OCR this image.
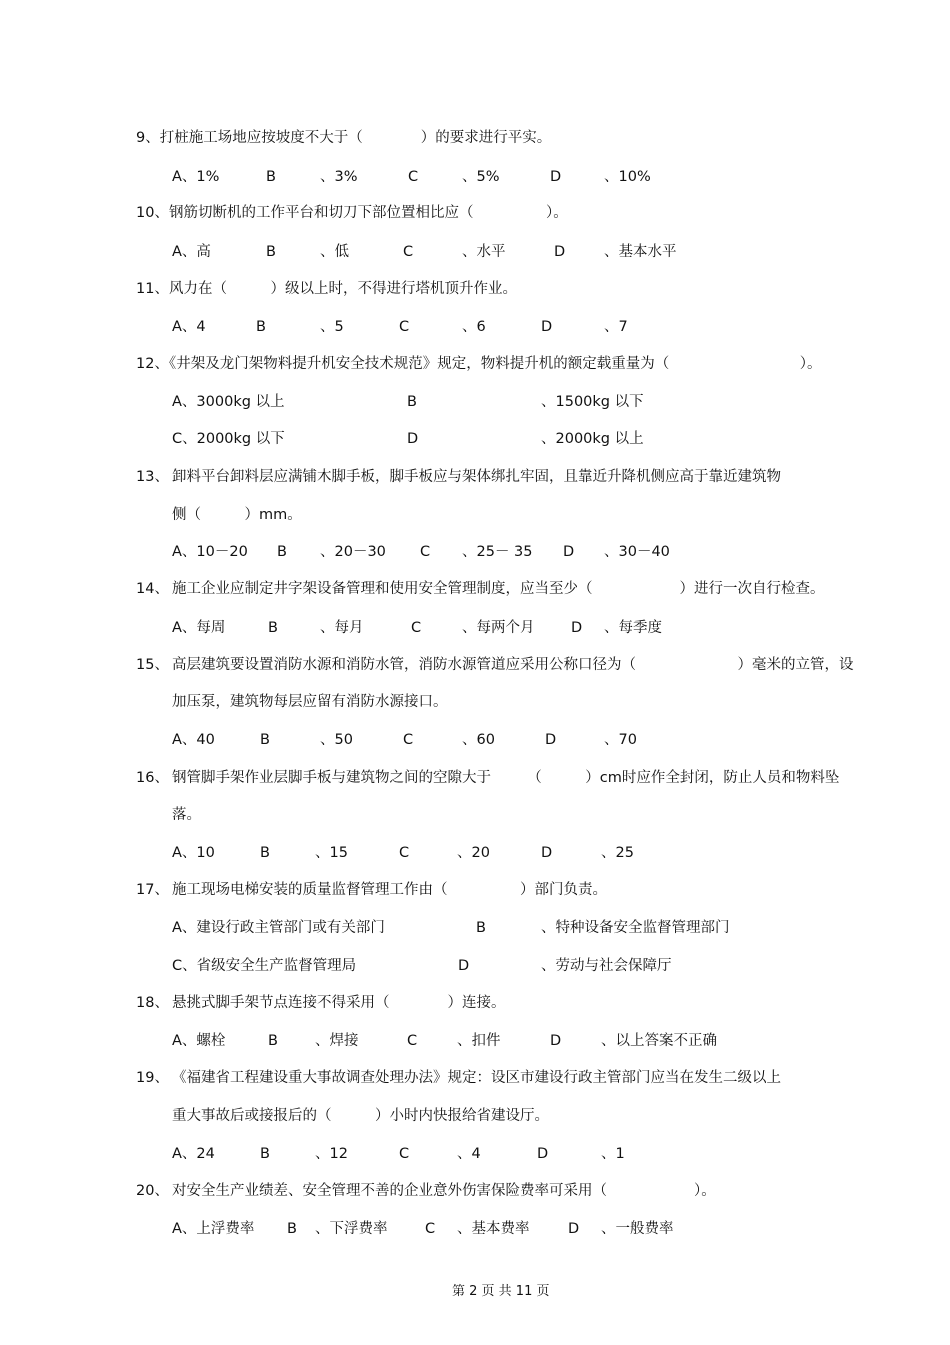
9、打桩施工场地应按坡度不大于（　　　　）的要求进行平实。
A、1%	B	、3%	C	、5%	D	、10%
10、钢筋切断机的工作平台和切刀下部位置相比应（　　　　　）。
A、高	B	、低	C	、水平	D	、基本水平
11、风力在（　　　）级以上时，不得进行塔机顶升作业。
A、4	B	、5	C	、6	D	、7
12、《井架及龙门架物料提升机安全技术规范》规定，物料提升机的额定载重量为（　　　　　　　　　）。
A、3000kg 以上	B	、1500kg 以下
C、2000kg 以下	D	、2000kg 以上
13、 卸料平台卸料层应满铺木脚手板，脚手板应与架体绑扎牢固，且靠近升降机侧应高于靠近建筑物
侧（　　　）mm。
A、10－20 B 、20－30 C 、25－ 35 D 、30－40
14、 施工企业应制定井字架设备管理和使用安全管理制度，应当至少（　　　　　　）进行一次自行检查。
A、每周	B	、每月	C	、每两个月	D 、每季度
15、 高层建筑要设置消防水源和消防水管，消防水源管道应采用公称口径为（　　　　　　　）毫米的立管，设
加压泵，建筑物每层应留有消防水源接口。
A、40	B	、50	C	、60	D	、70
16、 钢管脚手架作业层脚手板与建筑物之间的空隙大于　　　（　　　）cm时应作全封闭，防止人员和物料坠
落。
A、10	B	、15	C	、20	D	、25
17、 施工现场电梯安装的质量监督管理工作由（　　　　　）部门负责。
A、建设行政主管部门或有关部门	B	、特种设备安全监督管理部门
C、省级安全生产监督管理局	D	、劳动与社会保障厅
18、 悬挑式脚手架节点连接不得采用（　　　　）连接。
A、螺栓	B	、焊接	C	、扣件	D	、以上答案不正确
19、 《福建省工程建设重大事故调查处理办法》规定：设区市建设行政主管部门应当在发生二级以上
重大事故后或接报后的（　　　）小时内快报给省建设厅。
A、24	B	、12	C	、4	D	、1
20、 对安全生产业绩差、安全管理不善的企业意外伤害保险费率可采用（　　　　　　）。
A、上浮费率 B 、下浮费率	C 、基本费率	D 、一般费率
第 2 页 共 11 页
